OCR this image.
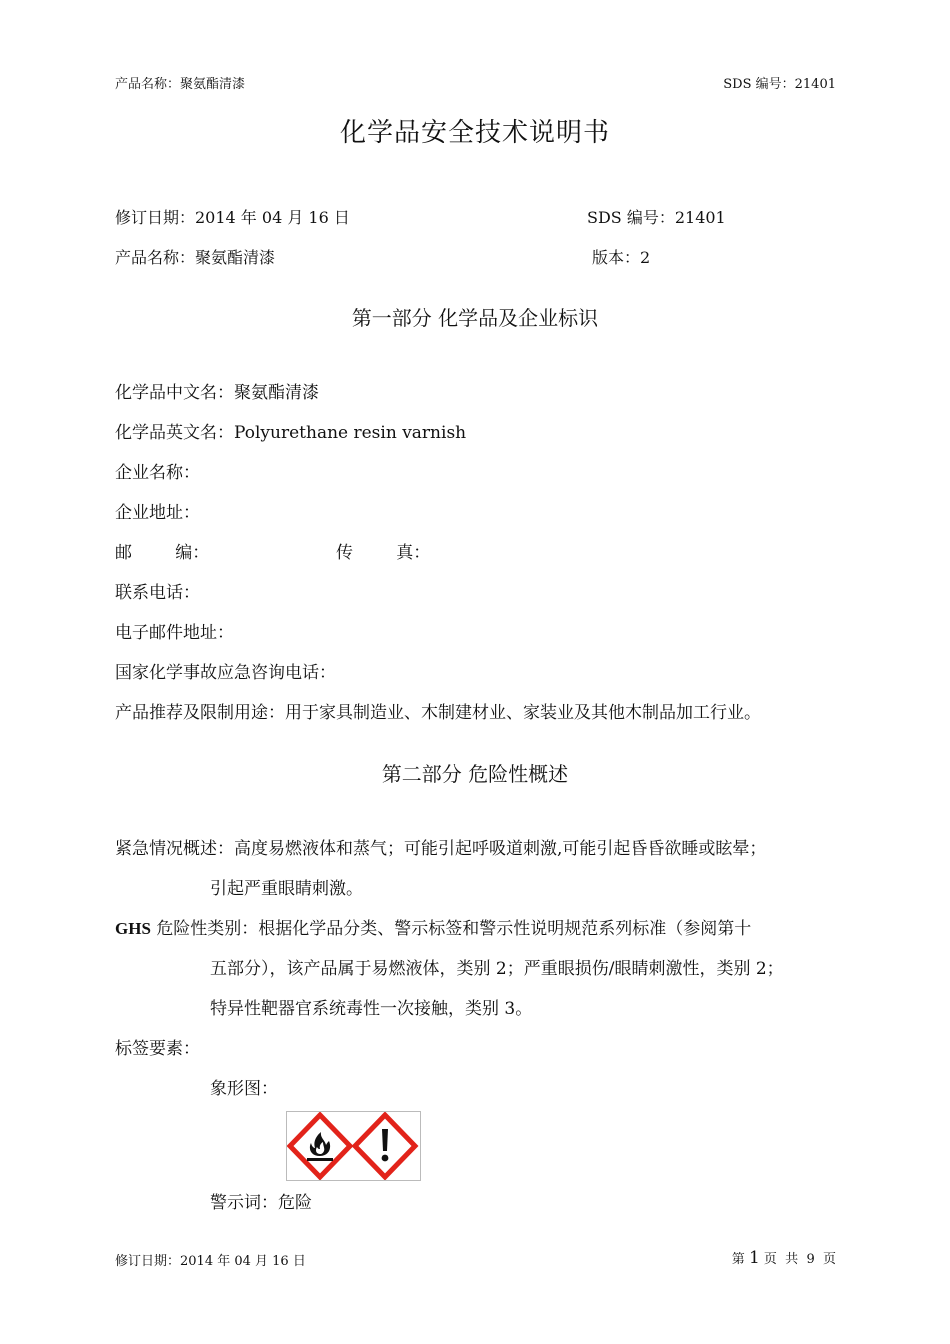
产品名称：聚氨酯清漆	SDS 编号：21401
化学品安全技术说明书
修订日期：2014 年 04 月 16 日	SDS 编号：21401
产品名称：聚氨酯清漆	版本：2
第一部分 化学品及企业标识
化学品中文名：聚氨酯清漆
化学品英文名：Polyurethane resin varnish
企业名称：
企业地址：
邮        编：	传        真：
联系电话：
电子邮件地址：
国家化学事故应急咨询电话：
产品推荐及限制用途：用于家具制造业、木制建材业、家装业及其他木制品加工行业。
第二部分 危险性概述
紧急情况概述：高度易燃液体和蒸气；可能引起呼吸道刺激,可能引起昏昏欲睡或眩晕；
引起严重眼睛刺激。
GHS 危险性类别：根据化学品分类、警示标签和警示性说明规范系列标准（参阅第十
五部分），该产品属于易燃液体，类别 2；严重眼损伤/眼睛刺激性，类别 2；
特异性靶器官系统毒性一次接触，类别 3。
标签要素：
象形图：
警示词：危险
修订日期：2014 年 04 月 16 日	第 1 页  共  9  页
